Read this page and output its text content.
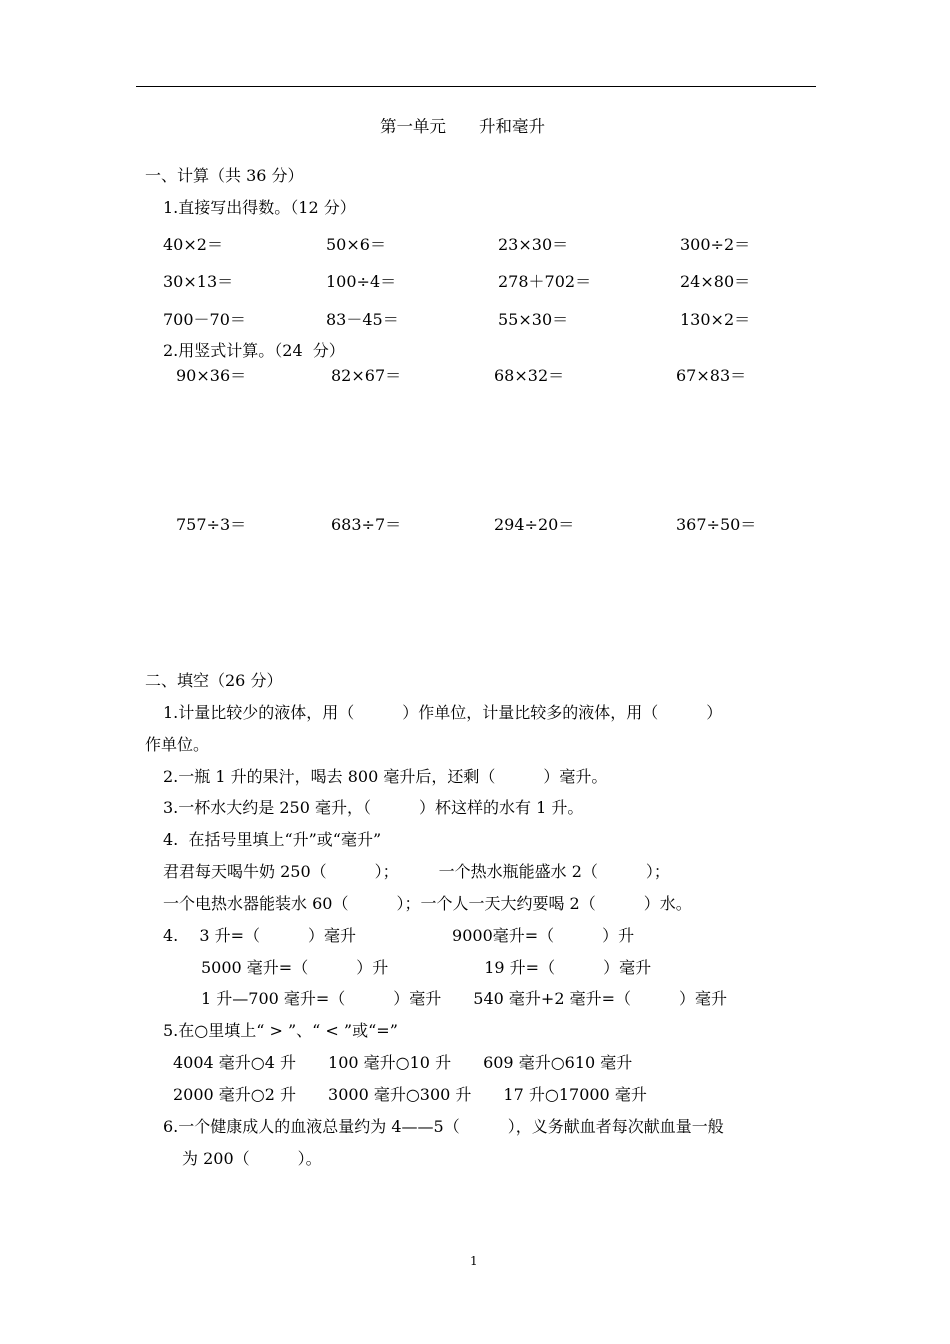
第一单元　　升和毫升
一、计算（共 36 分）
1.直接写出得数。（12 分）
40×2＝	50×6＝	23×30＝	300÷2＝
30×13＝	100÷4＝	278＋702＝	24×80＝
700－70＝	83－45＝	55×30＝	130×2＝
2.用竖式计算。（24  分）
90×36＝	82×67＝	68×32＝	67×83＝
757÷3＝	683÷7＝	294÷20＝	367÷50＝
二、填空（26 分）
1.计量比较少的液体，用（　　　）作单位，计量比较多的液体，用（　　　）
作单位。
2.一瓶 1 升的果汁，喝去 800 毫升后，还剩（　　　）毫升。
3.一杯水大约是 250 毫升，（　　　）杯这样的水有 1 升。
4.  在括号里填上“升”或“毫升”
君君每天喝牛奶 250（　　　）；　　　一个热水瓶能盛水 2（　　　）；
一个电热水器能装水 60（　　　）；一个人一天大约要喝 2（　　　）水。
4.　 3 升=（　　　）毫升　　　　　　9000毫升=（　　　）升
5000 毫升=（　　　）升　　　　　　19 升=（　　　）毫升
1 升—700 毫升=（　　　）毫升　　540 毫升+2 毫升=（　　　）毫升
5.在○里填上“ > ”、“ < ”或“=”
4004 毫升○4 升　　100 毫升○10 升　　609 毫升○610 毫升
2000 毫升○2 升　　3000 毫升○300 升　　17 升○17000 毫升
6.一个健康成人的血液总量约为 4——5（　　　），义务献血者每次献血量一般
为 200（　　　）。
1
